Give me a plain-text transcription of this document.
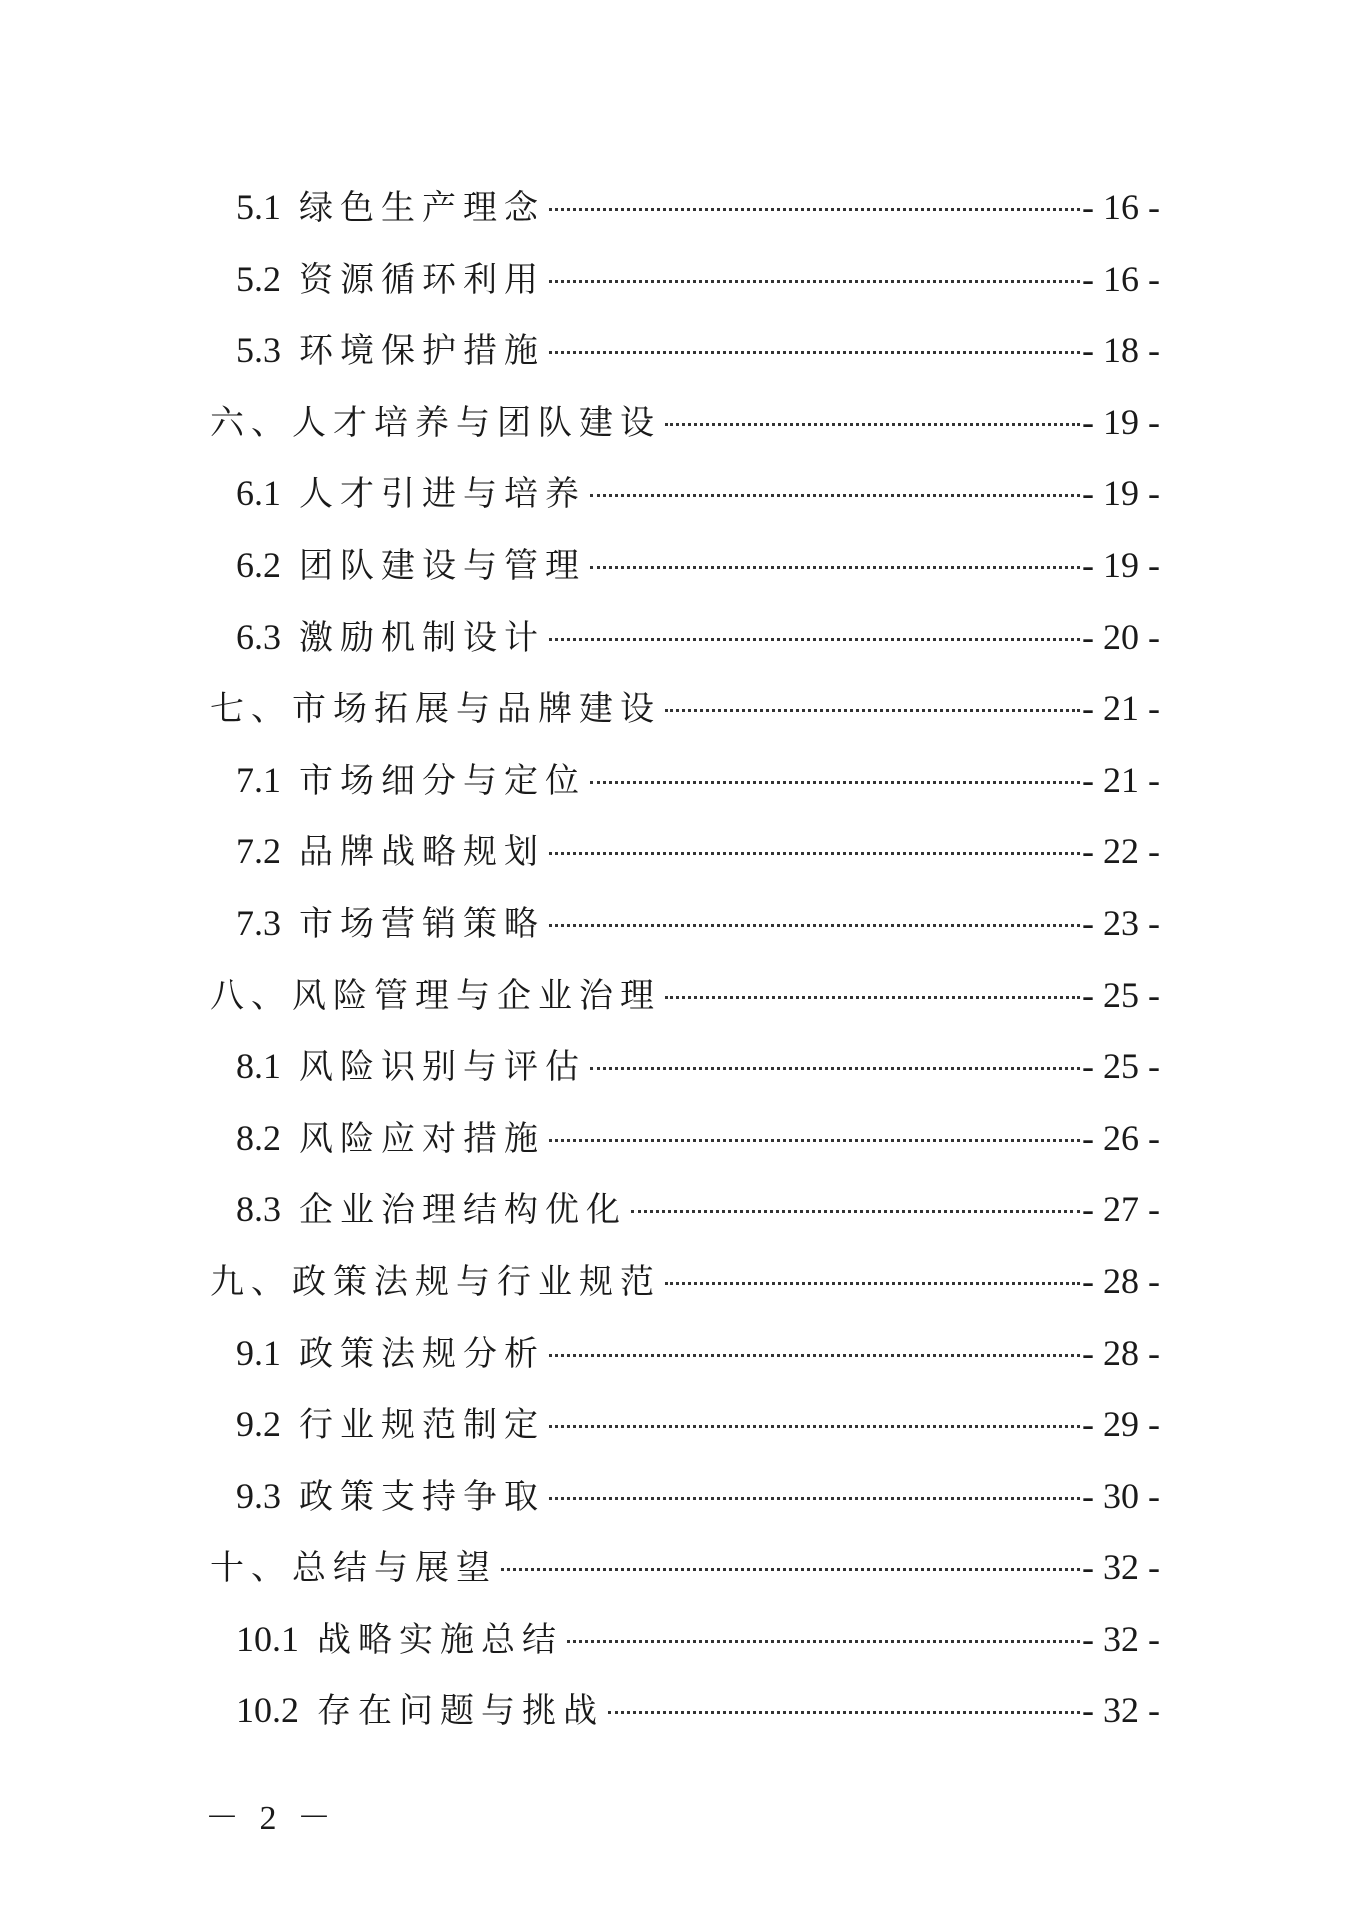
5.1 绿色生产理念	- 16 -
5.2 资源循环利用	- 16 -
5.3 环境保护措施	- 18 -
六、人才培养与团队建设	- 19 -
6.1 人才引进与培养	- 19 -
6.2 团队建设与管理	- 19 -
6.3 激励机制设计	- 20 -
七、市场拓展与品牌建设	- 21 -
7.1 市场细分与定位	- 21 -
7.2 品牌战略规划	- 22 -
7.3 市场营销策略	- 23 -
八、风险管理与企业治理	- 25 -
8.1 风险识别与评估	- 25 -
8.2 风险应对措施	- 26 -
8.3 企业治理结构优化	- 27 -
九、政策法规与行业规范	- 28 -
9.1 政策法规分析	- 28 -
9.2 行业规范制定	- 29 -
9.3 政策支持争取	- 30 -
十、总结与展望	- 32 -
10.1 战略实施总结	- 32 -
10.2 存在问题与挑战	- 32 -
－ 2 －
